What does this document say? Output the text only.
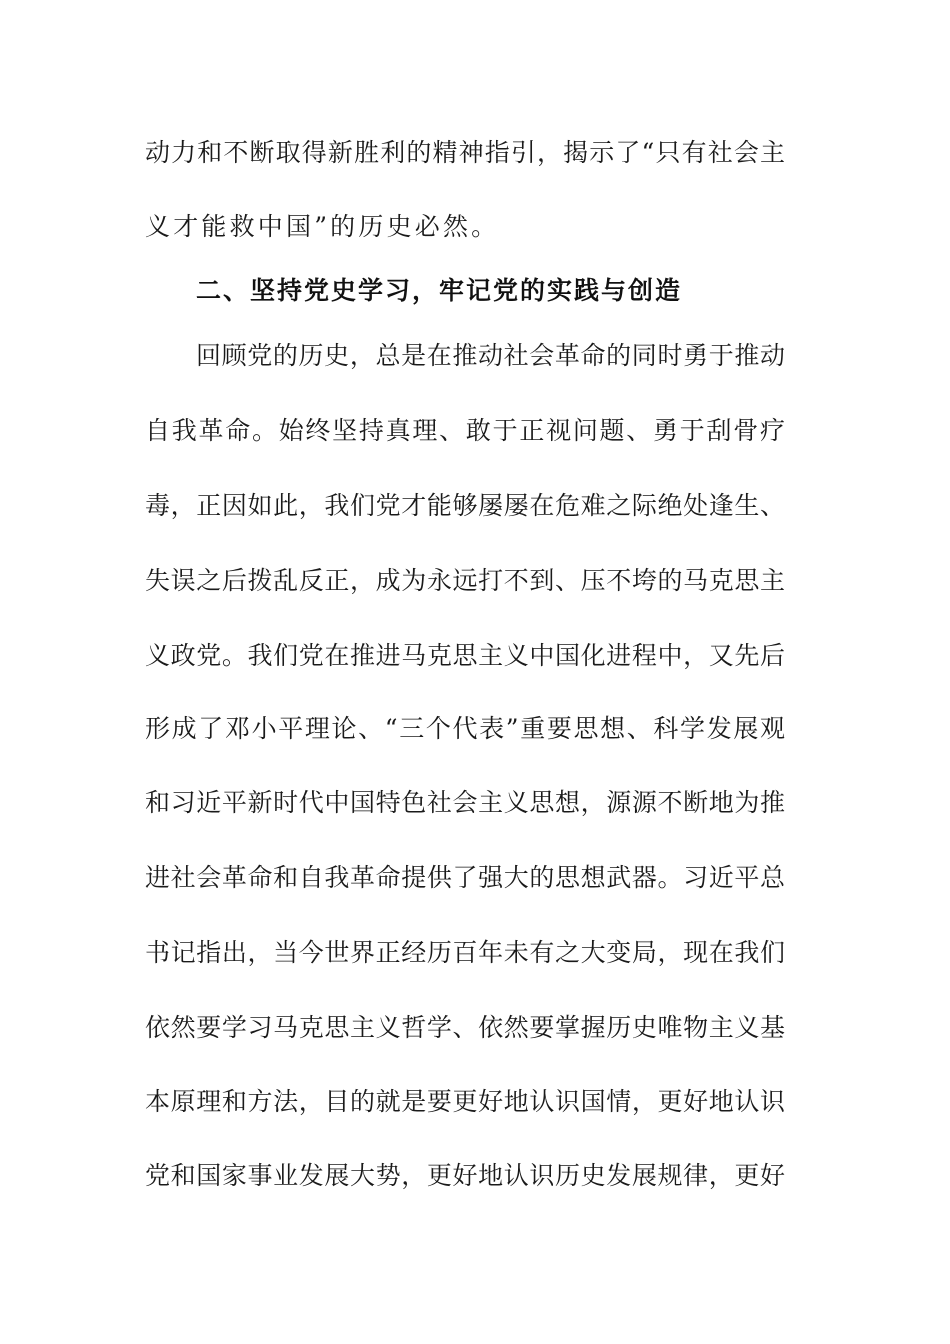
动力和不断取得新胜利的精神指引，揭示了“只有社会主

义才能救中国”的历史必然。

二、坚持党史学习，牢记党的实践与创造

回顾党的历史，总是在推动社会革命的同时勇于推动

自我革命。始终坚持真理、敢于正视问题、勇于刮骨疗

毒，正因如此，我们党才能够屡屡在危难之际绝处逢生、

失误之后拨乱反正，成为永远打不到、压不垮的马克思主

义政党。我们党在推进马克思主义中国化进程中，又先后

形成了邓小平理论、“三个代表”重要思想、科学发展观

和习近平新时代中国特色社会主义思想，源源不断地为推

进社会革命和自我革命提供了强大的思想武器。习近平总

书记指出，当今世界正经历百年未有之大变局，现在我们

依然要学习马克思主义哲学、依然要掌握历史唯物主义基

本原理和方法，目的就是要更好地认识国情，更好地认识

党和国家事业发展大势，更好地认识历史发展规律，更好
